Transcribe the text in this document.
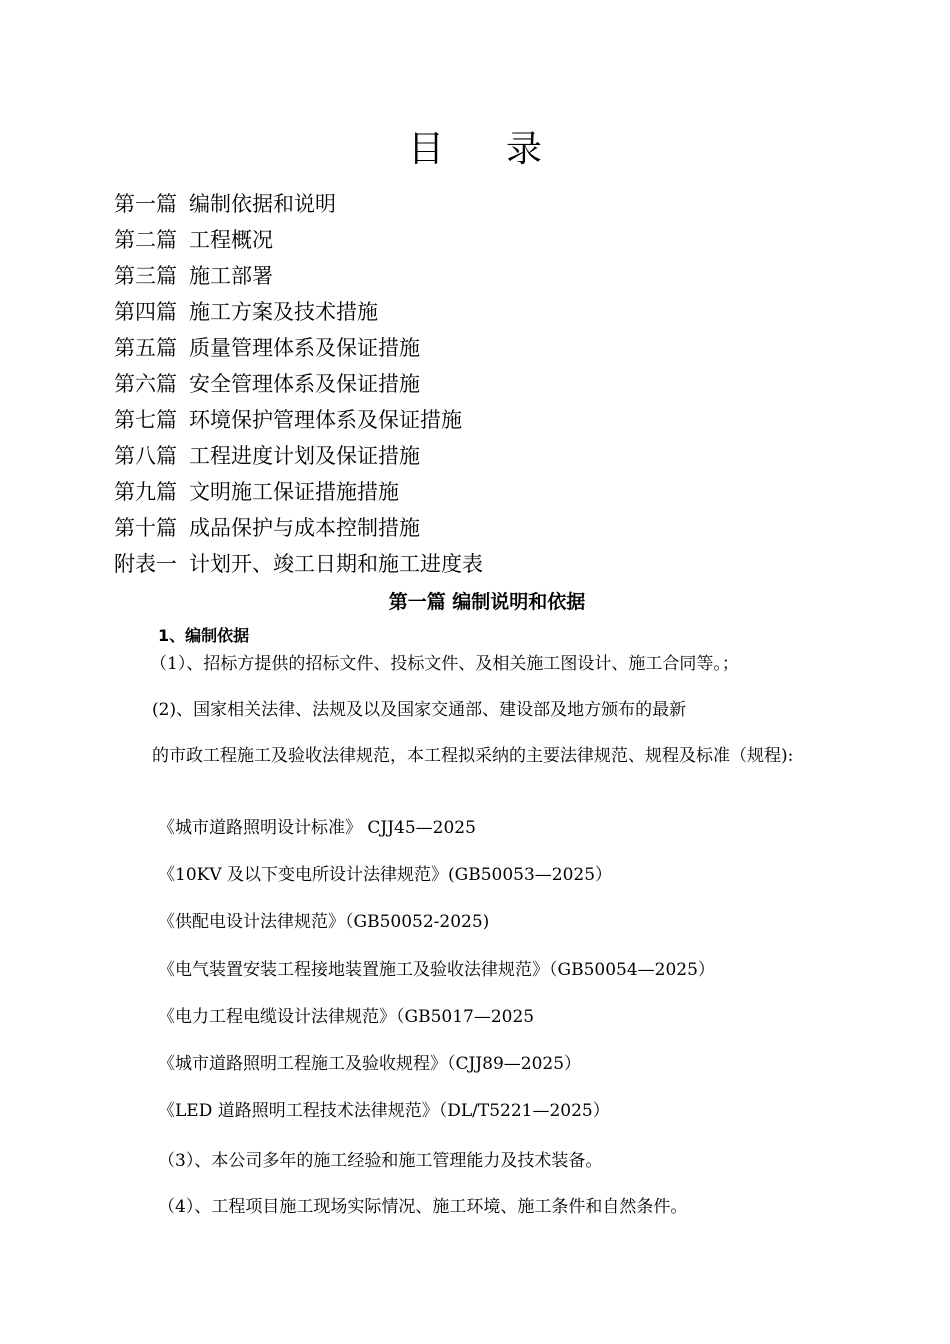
目录
第一篇 编制依据和说明
第二篇 工程概况
第三篇 施工部署
第四篇 施工方案及技术措施
第五篇 质量管理体系及保证措施
第六篇 安全管理体系及保证措施
第七篇 环境保护管理体系及保证措施
第八篇 工程进度计划及保证措施
第九篇 文明施工保证措施措施
第十篇 成品保护与成本控制措施
附表一 计划开、竣工日期和施工进度表
第一篇 编制说明和依据
1、编制依据
（1）、招标方提供的招标文件、投标文件、及相关施工图设计、施工合同等。；
(2)、国家相关法律、法规及以及国家交通部、建设部及地方颁布的最新
的市政工程施工及验收法律规范，本工程拟采纳的主要法律规范、规程及标准（规程):
《城市道路照明设计标准》 CJJ45—2025
《10KV 及以下变电所设计法律规范》(GB50053—2025）
《供配电设计法律规范》（GB50052-2025)
《电气装置安装工程接地装置施工及验收法律规范》（GB50054—2025）
《电力工程电缆设计法律规范》（GB5017—2025
《城市道路照明工程施工及验收规程》（CJJ89—2025）
《LED 道路照明工程技术法律规范》（DL/T5221—2025）
（3）、本公司多年的施工经验和施工管理能力及技术装备。
（4）、工程项目施工现场实际情况、施工环境、施工条件和自然条件。
